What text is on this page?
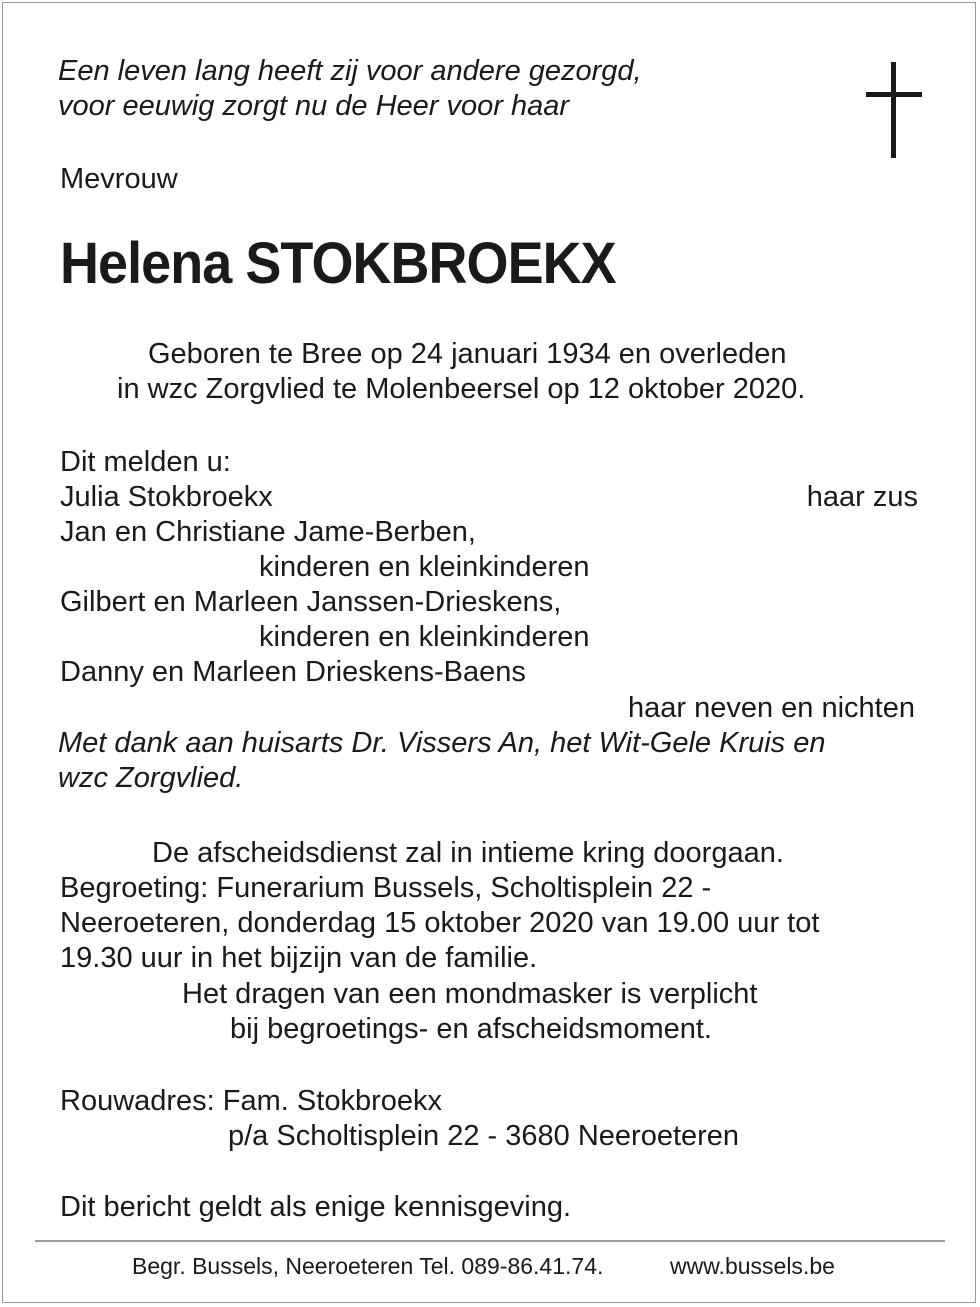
Een leven lang heeft zij voor andere gezorgd,
voor eeuwig zorgt nu de Heer voor haar
Mevrouw
Helena STOKBROEKX
Geboren te Bree op 24 januari 1934 en overleden
in wzc Zorgvlied te Molenbeersel op 12 oktober 2020.
Dit melden u:
Julia Stokbroekx	haar zus
Jan en Christiane Jame-Berben,
kinderen en kleinkinderen
Gilbert en Marleen Janssen-Drieskens,
kinderen en kleinkinderen
Danny en Marleen Drieskens-Baens
haar neven en nichten
Met dank aan huisarts Dr. Vissers An, het Wit-Gele Kruis en
wzc Zorgvlied.
De afscheidsdienst zal in intieme kring doorgaan.
Begroeting: Funerarium Bussels, Scholtisplein 22 -
Neeroeteren, donderdag 15 oktober 2020 van 19.00 uur tot
19.30 uur in het bijzijn van de familie.
Het dragen van een mondmasker is verplicht
bij begroetings- en afscheidsmoment.
Rouwadres: Fam. Stokbroekx
p/a Scholtisplein 22 - 3680 Neeroeteren
Dit bericht geldt als enige kennisgeving.
Begr. Bussels, Neeroeteren Tel. 089-86.41.74.	www.bussels.be
